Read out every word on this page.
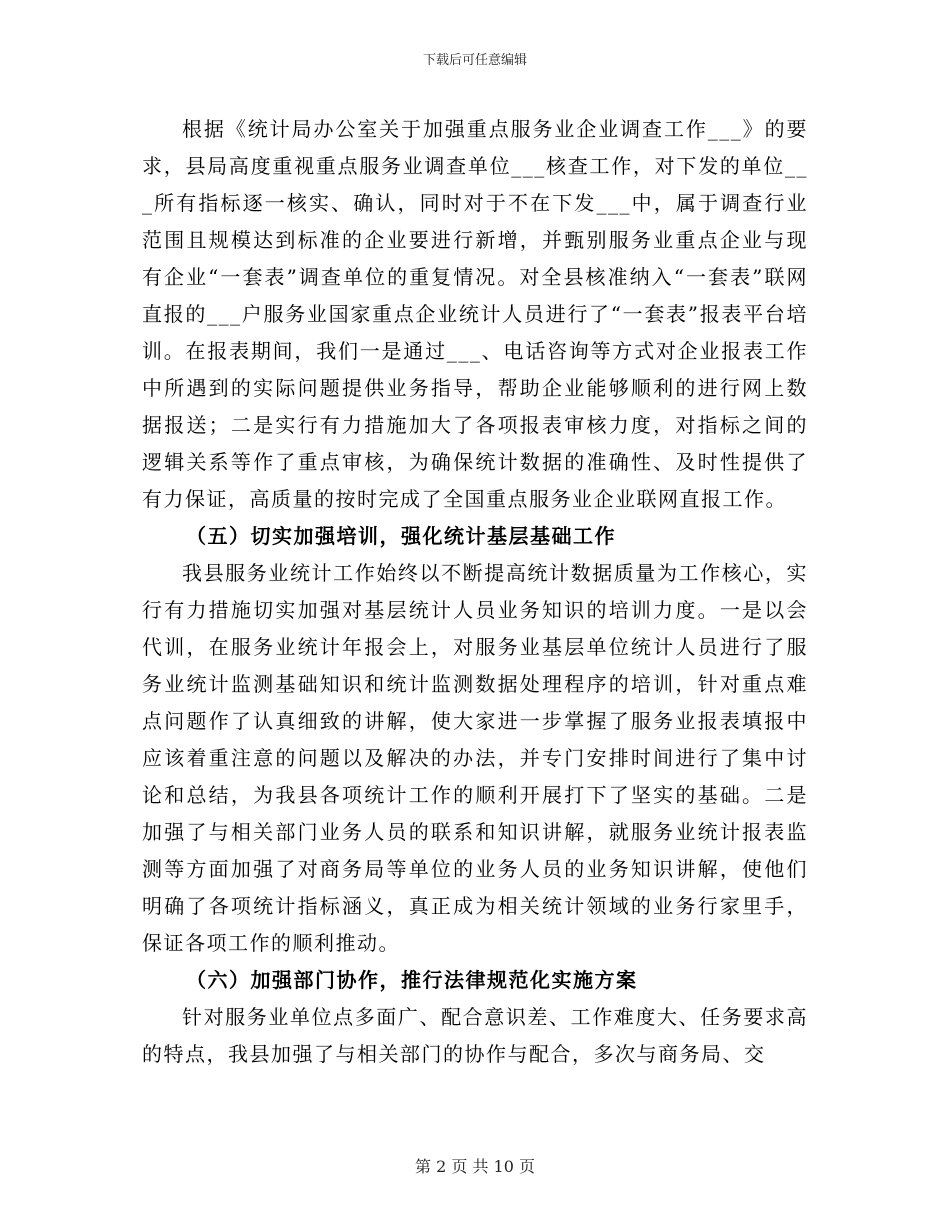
下载后可任意编辑

根据《统计局办公室关于加强重点服务业企业调查工作___》的要求，县局高度重视重点服务业调查单位___核查工作，对下发的单位___所有指标逐一核实、确认，同时对于不在下发___中，属于调查行业范围且规模达到标准的企业要进行新增，并甄别服务业重点企业与现有企业“一套表”调查单位的重复情况。对全县核准纳入“一套表”联网直报的___户服务业国家重点企业统计人员进行了“一套表”报表平台培训。在报表期间，我们一是通过___、电话咨询等方式对企业报表工作中所遇到的实际问题提供业务指导，帮助企业能够顺利的进行网上数据报送；二是实行有力措施加大了各项报表审核力度，对指标之间的逻辑关系等作了重点审核，为确保统计数据的准确性、及时性提供了有力保证，高质量的按时完成了全国重点服务业企业联网直报工作。

（五）切实加强培训，强化统计基层基础工作

我县服务业统计工作始终以不断提高统计数据质量为工作核心，实行有力措施切实加强对基层统计人员业务知识的培训力度。一是以会代训，在服务业统计年报会上，对服务业基层单位统计人员进行了服务业统计监测基础知识和统计监测数据处理程序的培训，针对重点难点问题作了认真细致的讲解，使大家进一步掌握了服务业报表填报中应该着重注意的问题以及解决的办法，并专门安排时间进行了集中讨论和总结，为我县各项统计工作的顺利开展打下了坚实的基础。二是加强了与相关部门业务人员的联系和知识讲解，就服务业统计报表监测等方面加强了对商务局等单位的业务人员的业务知识讲解，使他们明确了各项统计指标涵义，真正成为相关统计领域的业务行家里手，保证各项工作的顺利推动。

（六）加强部门协作，推行法律规范化实施方案

针对服务业单位点多面广、配合意识差、工作难度大、任务要求高的特点，我县加强了与相关部门的协作与配合，多次与商务局、交

第 2 页 共 10 页
